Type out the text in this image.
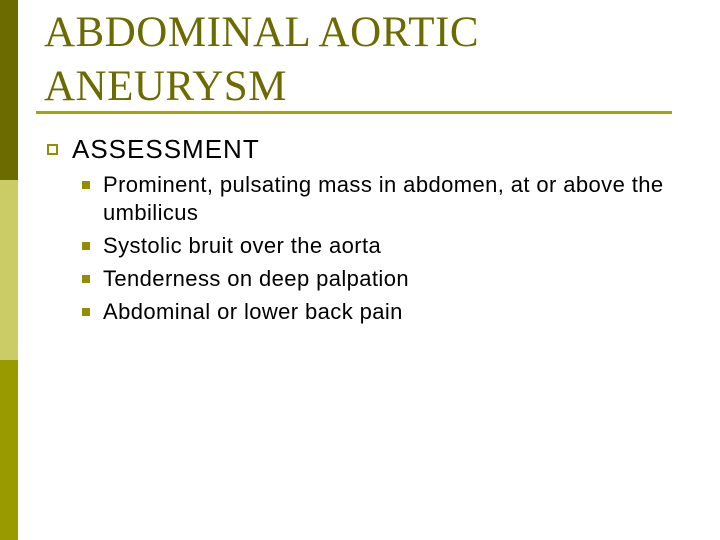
ABDOMINAL AORTIC
ANEURYSM
ASSESSMENT
Prominent, pulsating mass in abdomen, at or above the umbilicus
Systolic bruit over the aorta
Tenderness on deep palpation
Abdominal or lower back pain
